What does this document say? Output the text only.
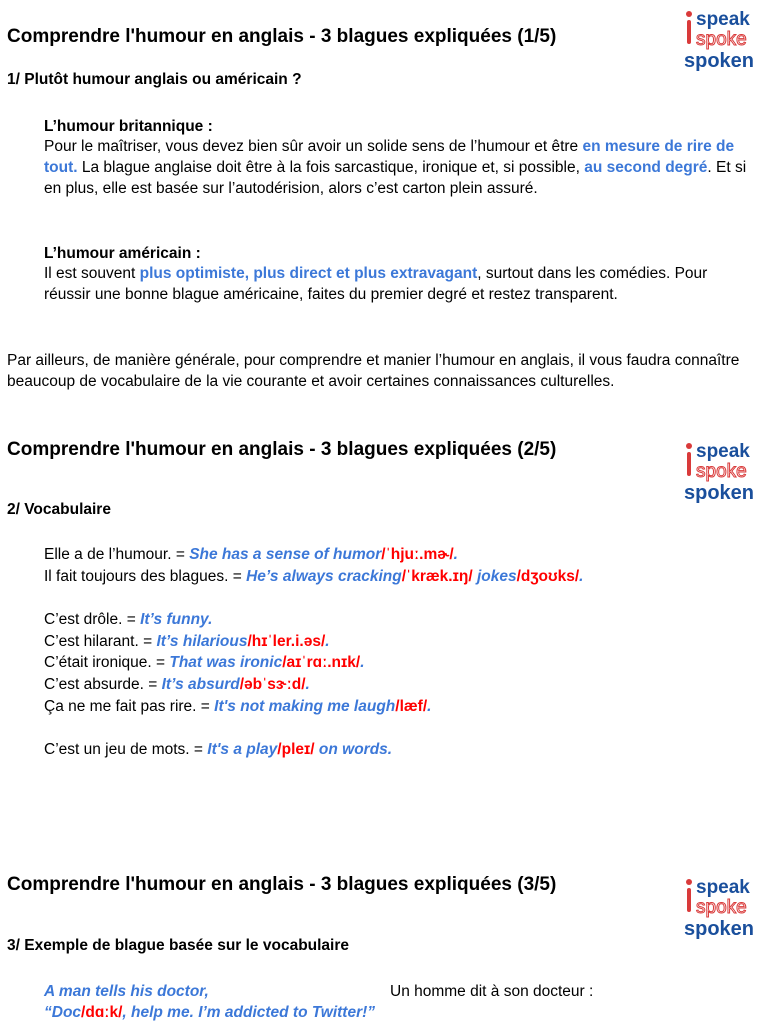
Comprendre l'humour en anglais - 3 blagues expliquées (1/5)
speak
spoke
spoken
1/ Plutôt humour anglais ou américain ?
L’humour britannique :
Pour le maîtriser, vous devez bien sûr avoir un solide sens de l’humour et être en mesure de rire de tout. La blague anglaise doit être à la fois sarcastique, ironique et, si possible, au second degré. Et si en plus, elle est basée sur l’autodérision, alors c’est carton plein assuré.
L’humour américain :
Il est souvent plus optimiste, plus direct et plus extravagant, surtout dans les comédies. Pour réussir une bonne blague américaine, faites du premier degré et restez transparent.
Par ailleurs, de manière générale, pour comprendre et manier l’humour en anglais, il vous faudra connaître beaucoup de vocabulaire de la vie courante et avoir certaines connaissances culturelles.
Comprendre l'humour en anglais - 3 blagues expliquées (2/5)	speak
spoke
spoken
2/ Vocabulaire
Elle a de l’humour. = She has a sense of humor/ˈhjuː.mɚ/.
Il fait toujours des blagues. = He’s always cracking/ˈkræk.ɪŋ/ jokes/dʒoʊks/.
C’est drôle. = It’s funny.
C’est hilarant. = It’s hilarious/hɪˈler.i.əs/.
C’était ironique. = That was ironic/aɪˈrɑː.nɪk/.
C’est absurde. = It’s absurd/əbˈsɝːd/.
Ça ne me fait pas rire. = It's not making me laugh/læf/.
C’est un jeu de mots. = It's a play/pleɪ/ on words.
Comprendre l'humour en anglais - 3 blagues expliquées (3/5)	speak
spoke
spoken
3/ Exemple de blague basée sur le vocabulaire
A man tells his doctor,	Un homme dit à son docteur :
“Doc/dɑːk/, help me. I’m addicted to Twitter!”
